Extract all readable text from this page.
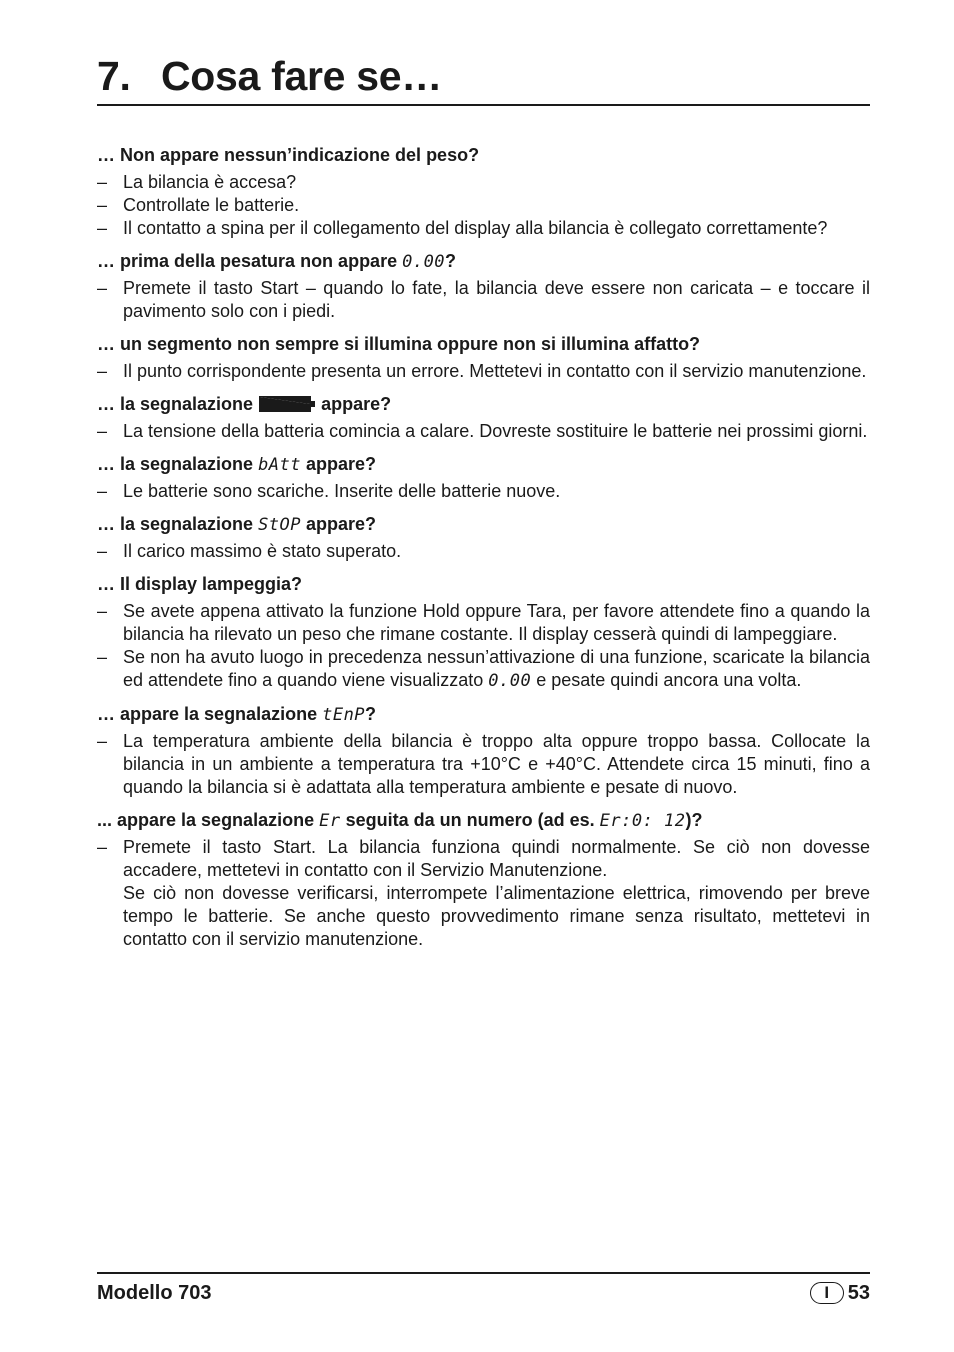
7. Cosa fare se…
… Non appare nessun’indicazione del peso?
– La bilancia è accesa?

– Controllate le batterie.

– Il contatto a spina per il collegamento del display alla bilancia è collegato correttamente?

… prima della pesatura non appare 0.00?
– Premete il tasto Start – quando lo fate, la bilancia deve essere non caricata – e toccare il pavimento solo con i piedi.

… un segmento non sempre si illumina oppure non si illumina affatto?
– Il punto corrispondente presenta un errore. Mettetevi in contatto con il servizio manutenzione.

… la segnalazione	appare?
– La tensione della batteria comincia a calare. Dovreste sostituire le batterie nei prossimi giorni.

… la segnalazione bAtt appare?
– Le batterie sono scariche. Inserite delle batterie nuove.

… la segnalazione StOP appare?
– Il carico massimo è stato superato.

… Il display lampeggia?
– Se avete appena attivato la funzione Hold oppure Tara, per favore attendete fino a quando la bilancia ha rilevato un peso che rimane costante. Il display cesserà quindi di lampeggiare.

– Se non ha avuto luogo in precedenza nessun’attivazione di una funzione, scaricate la bilancia ed attendete fino a quando viene visualizzato 0.00 e pesate quindi ancora una volta.

… appare la segnalazione tEnP?
– La temperatura ambiente della bilancia è troppo alta oppure troppo bassa. Collocate la bilancia in un ambiente a temperatura tra +10°C e +40°C. Attendete circa 15 minuti, fino a quando la bilancia si è adattata alla temperatura ambiente e pesate di nuovo.

... appare la segnalazione Er seguita da un numero (ad es. Er:0: 12)?
– Premete il tasto Start. La bilancia funziona quindi normalmente. Se ciò non dovesse accadere, mettetevi in contatto con il Servizio Manutenzione.

Se ciò non dovesse verificarsi, interrompete l’alimentazione elettrica, rimovendo per breve tempo le batterie. Se anche questo provvedimento rimane senza risultato, mettetevi in contatto con il servizio manutenzione.

Modello 703	I 53
